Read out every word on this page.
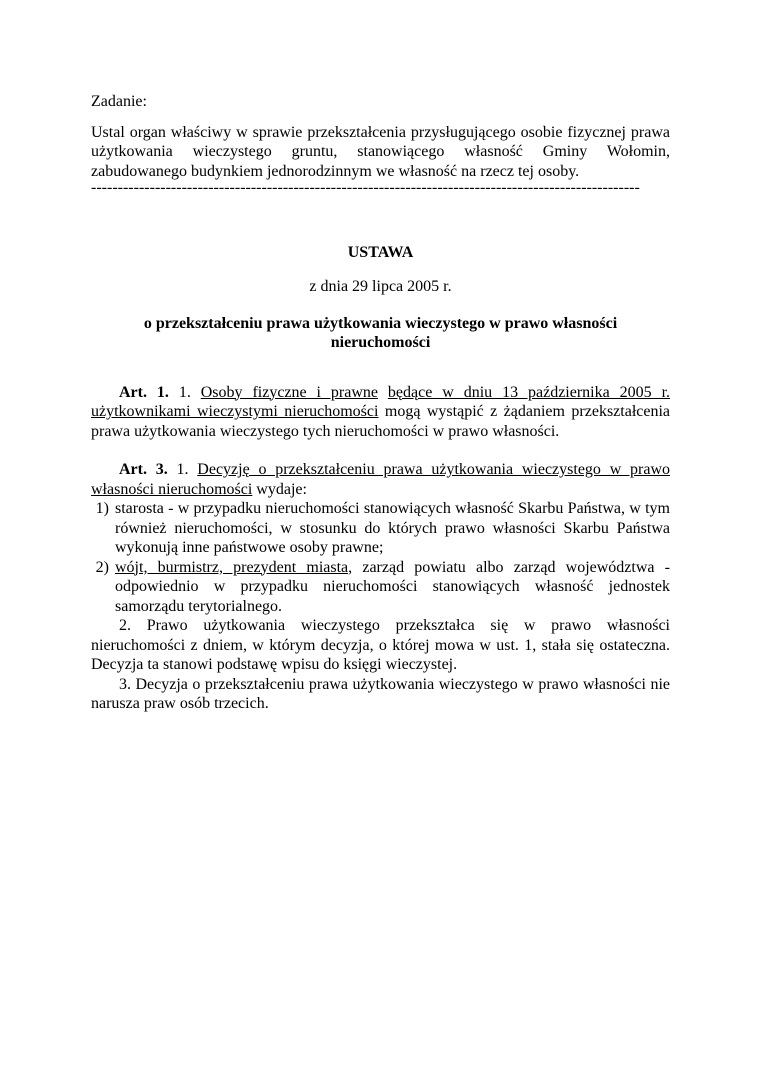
Zadanie:

Ustal organ właściwy w sprawie przekształcenia przysługującego osobie fizycznej prawa użytkowania wieczystego gruntu, stanowiącego własność Gminy Wołomin, zabudowanego budynkiem jednorodzinnym we własność na rzecz tej osoby.

-------------------------------------------------------------------------------------------------------

USTAWA

z dnia 29 lipca 2005 r.

o przekształceniu prawa użytkowania wieczystego w prawo własności nieruchomości

Art. 1. 1. Osoby fizyczne i prawne będące w dniu 13 października 2005 r. użytkownikami wieczystymi nieruchomości mogą wystąpić z żądaniem przekształcenia prawa użytkowania wieczystego tych nieruchomości w prawo własności.

Art. 3. 1. Decyzję o przekształceniu prawa użytkowania wieczystego w prawo własności nieruchomości wydaje:

1) starosta - w przypadku nieruchomości stanowiących własność Skarbu Państwa, w tym również nieruchomości, w stosunku do których prawo własności Skarbu Państwa wykonują inne państwowe osoby prawne;

2) wójt, burmistrz, prezydent miasta, zarząd powiatu albo zarząd województwa - odpowiednio w przypadku nieruchomości stanowiących własność jednostek samorządu terytorialnego.

2. Prawo użytkowania wieczystego przekształca się w prawo własności nieruchomości z dniem, w którym decyzja, o której mowa w ust. 1, stała się ostateczna. Decyzja ta stanowi podstawę wpisu do księgi wieczystej.

3. Decyzja o przekształceniu prawa użytkowania wieczystego w prawo własności nie narusza praw osób trzecich.
